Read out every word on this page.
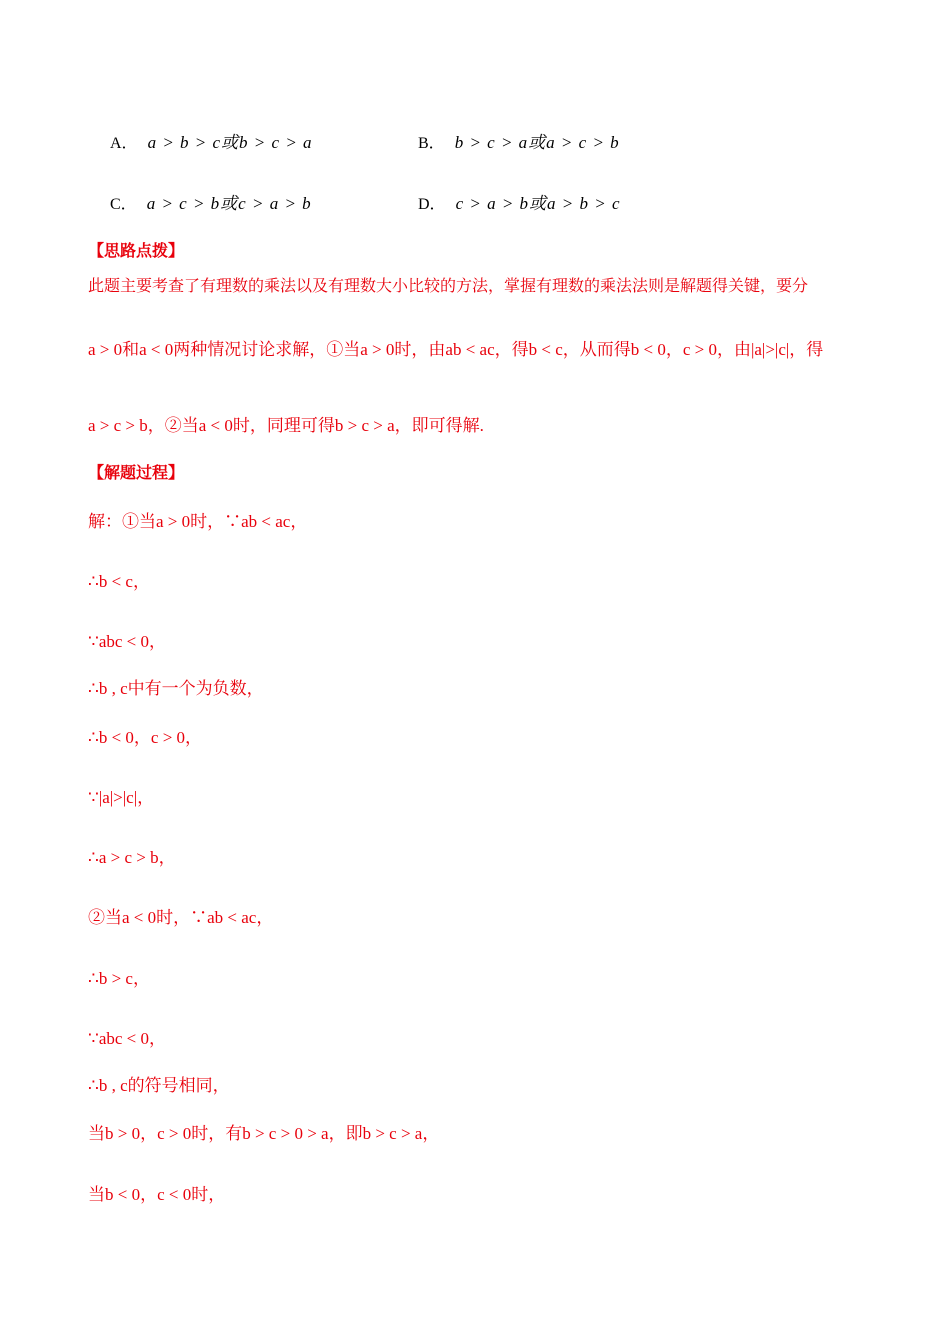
A． a > b > c或b > c > a	B． b > c > a或a > c > b
C． a > c > b或c > a > b	D． c > a > b或a > b > c
【思路点拨】
此题主要考查了有理数的乘法以及有理数大小比较的方法，掌握有理数的乘法法则是解题得关键，要分
a > 0和a < 0两种情况讨论求解，①当a > 0时，由ab < ac，得b < c，从而得b < 0，c > 0，由|a|>|c|，得
a > c > b，②当a < 0时，同理可得b > c > a，即可得解.
【解题过程】
解：①当a > 0时，∵ab < ac，
∴b < c，
∵abc < 0，
∴b , c中有一个为负数，
∴b < 0，c > 0，
∵|a|>|c|，
∴a > c > b，
②当a < 0时，∵ab < ac，
∴b > c，
∵abc < 0，
∴b , c的符号相同，
当b > 0，c > 0时，有b > c > 0 > a，即b > c > a，
当b < 0，c < 0时，
